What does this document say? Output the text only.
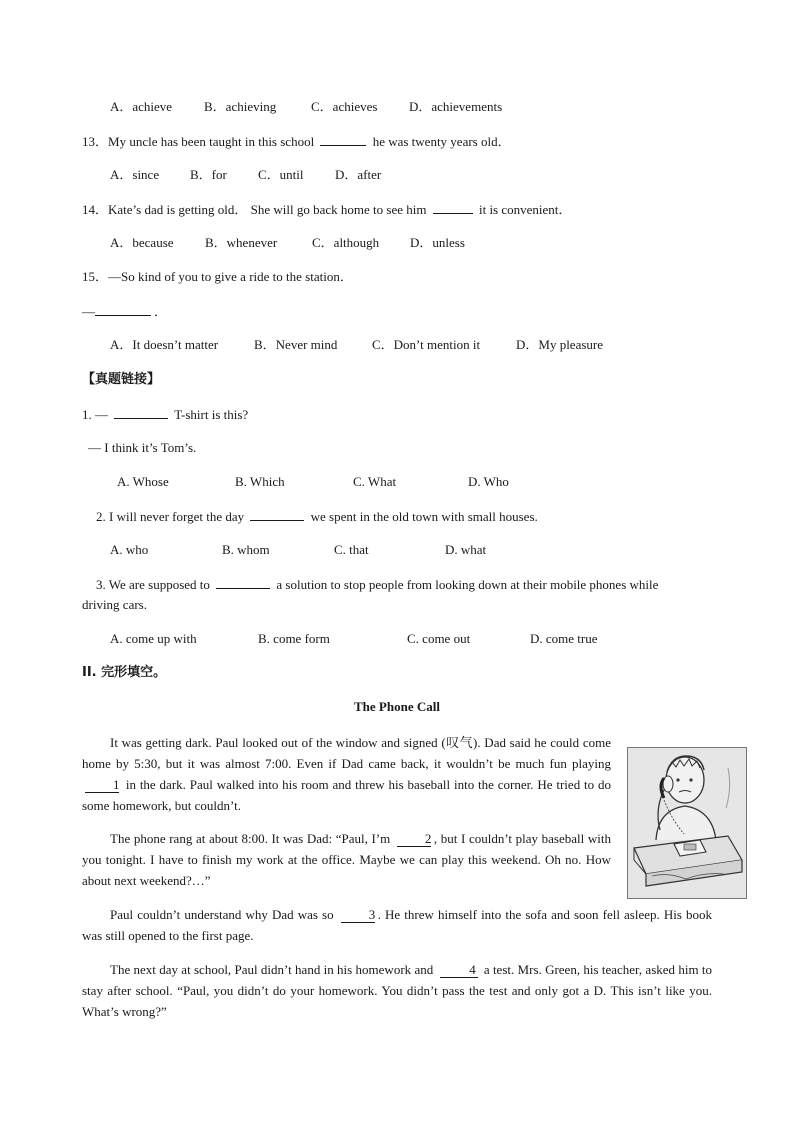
A．achieve B．achieving	C．achieves D．achievements
13．My uncle has been taught in this school	he was twenty years old．
A．since B．for C．until D．after
14．Kate’s dad is getting old． She will go back home to see him	it is convenient．
A．because B．whenever	C．although D．unless
15．—So kind of you to give a ride to the station．
—	．
A．It doesn’t matter	B．Never mind	C．Don’t mention it	D．My pleasure
【真题链接】
1. —	T-shirt is this?
— I think it’s Tom’s.
A. Whose	B. Which	C. What	D. Who
2. I will never forget the day	we spent in the old town with small houses.
A. who	B. whom	C. that	D. what
3. We are supposed to	a solution to stop people from looking down at their mobile phones while
driving cars.
A. come up with	B. come form	C. come out	D. come true
II. 完形填空。
The Phone Call

It was getting dark. Paul looked out of the window and signed (叹气). Dad said he could come home by 5:30, but it was almost 7:00. Even if Dad came back, it wouldn’t be much fun playing 1 in the dark. Paul walked into his room and threw his baseball into the corner. He tried to do some homework, but couldn’t.

The phone rang at about 8:00. It was Dad: “Paul, I’m	2 , but I couldn’t play baseball with you tonight. I have to finish my work at the office. Maybe we can play this weekend. Oh no. How about next weekend?…”

Paul couldn’t understand why Dad was so	3 . He threw himself into the sofa and soon fell asleep. His book was still opened to the first page.

The next day at school, Paul didn’t hand in his homework and	4 a test. Mrs. Green, his teacher, asked him to stay after school. “Paul, you didn’t do your homework. You didn’t pass the test and only got a D. This isn’t like you. What’s wrong?”
